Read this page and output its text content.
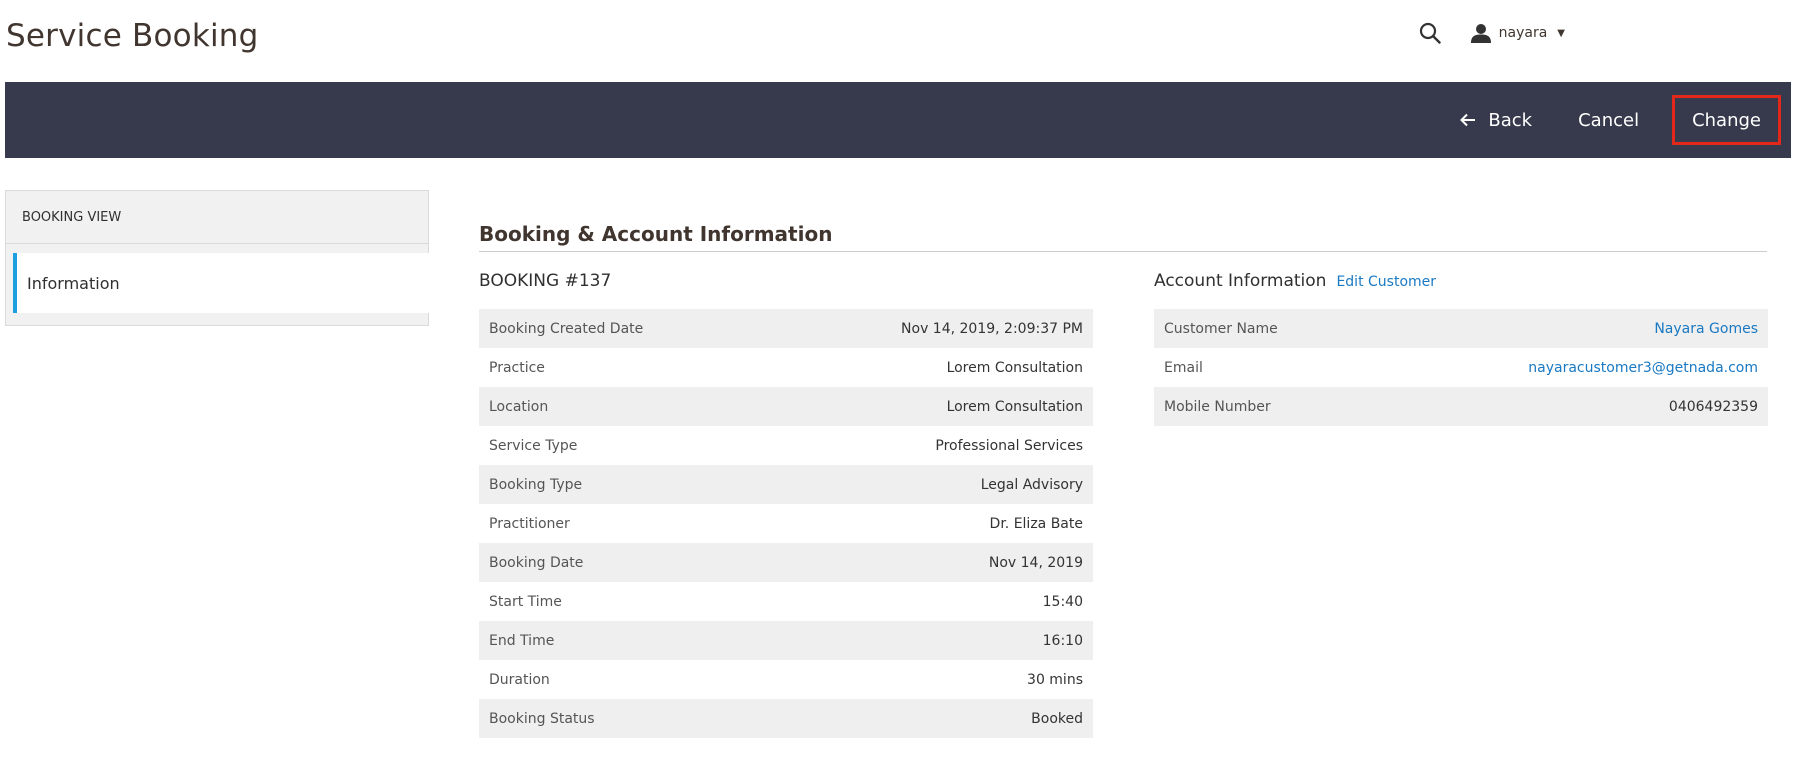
Service Booking	nayara ▼
Back	Cancel	Change
BOOKING VIEW
Information
Booking & Account Information
BOOKING #137	Account Information Edit Customer
Booking Created Date	Nov 14, 2019, 2:09:37 PM
Practice	Lorem Consultation
Location	Lorem Consultation
Service Type	Professional Services
Booking Type	Legal Advisory
Practitioner	Dr. Eliza Bate
Booking Date	Nov 14, 2019
Start Time	15:40
End Time	16:10
Duration	30 mins
Booking Status	Booked
Customer Name	Nayara Gomes
Email	nayaracustomer3@getnada.com
Mobile Number	0406492359
